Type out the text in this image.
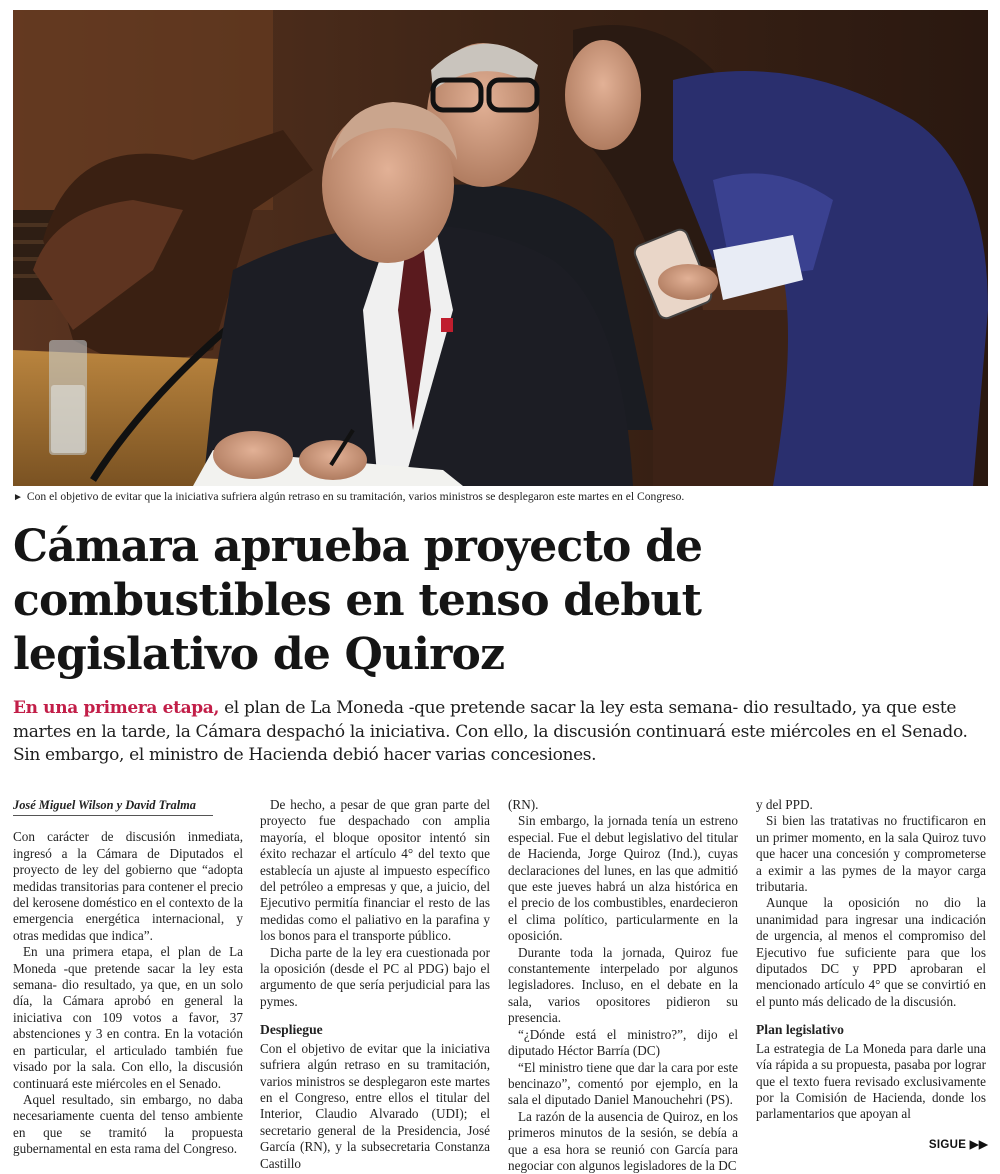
► Con el objetivo de evitar que la iniciativa sufriera algún retraso en su tramitación, varios ministros se desplegaron este martes en el Congreso.
Cámara aprueba proyecto de combustibles en tenso debut legislativo de Quiroz

En una primera etapa, el plan de La Moneda -que pretende sacar la ley esta semana- dio resultado, ya que este martes en la tarde, la Cámara despachó la iniciativa. Con ello, la discusión continuará este miércoles en el Senado. Sin embargo, el ministro de Hacienda debió hacer varias concesiones.

José Miguel Wilson y David Tralma

Con carácter de discusión inmediata, ingresó a la Cámara de Diputados el proyecto de ley del gobierno que “adopta medidas transitorias para contener el precio del kerosene doméstico en el contexto de la emergencia energética internacional, y otras medidas que indica”.

En una primera etapa, el plan de La Moneda -que pretende sacar la ley esta semana- dio resultado, ya que, en un solo día, la Cámara aprobó en general la iniciativa con 109 votos a favor, 37 abstenciones y 3 en contra. En la votación en particular, el articulado también fue visado por la sala. Con ello, la discusión continuará este miércoles en el Senado.

Aquel resultado, sin embargo, no daba necesariamente cuenta del tenso ambiente en que se tramitó la propuesta gubernamental en esta rama del Congreso.

De hecho, a pesar de que gran parte del proyecto fue despachado con amplia mayoría, el bloque opositor intentó sin éxito rechazar el artículo 4° del texto que establecía un ajuste al impuesto específico del petróleo a empresas y que, a juicio, del Ejecutivo permitía financiar el resto de las medidas como el paliativo en la parafina y los bonos para el transporte público.

Dicha parte de la ley era cuestionada por la oposición (desde el PC al PDG) bajo el argumento de que sería perjudicial para las pymes.

Despliegue

Con el objetivo de evitar que la iniciativa sufriera algún retraso en su tramitación, varios ministros se desplegaron este martes en el Congreso, entre ellos el titular del Interior, Claudio Alvarado (UDI); el secretario general de la Presidencia, José García (RN), y la subsecretaria Constanza Castillo

(RN).

Sin embargo, la jornada tenía un estreno especial. Fue el debut legislativo del titular de Hacienda, Jorge Quiroz (Ind.), cuyas declaraciones del lunes, en las que admitió que este jueves habrá un alza histórica en el precio de los combustibles, enardecieron el clima político, particularmente en la oposición.

Durante toda la jornada, Quiroz fue constantemente interpelado por algunos legisladores. Incluso, en el debate en la sala, varios opositores pidieron su presencia.

“¿Dónde está el ministro?”, dijo el diputado Héctor Barría (DC)

“El ministro tiene que dar la cara por este bencinazo”, comentó por ejemplo, en la sala el diputado Daniel Manouchehri (PS).

La razón de la ausencia de Quiroz, en los primeros minutos de la sesión, se debía a que a esa hora se reunió con García para negociar con algunos legisladores de la DC

y del PPD.

Si bien las tratativas no fructificaron en un primer momento, en la sala Quiroz tuvo que hacer una concesión y comprometerse a eximir a las pymes de la mayor carga tributaria.

Aunque la oposición no dio la unanimidad para ingresar una indicación de urgencia, al menos el compromiso del Ejecutivo fue suficiente para que los diputados DC y PPD aprobaran el mencionado artículo 4° que se convirtió en el punto más delicado de la discusión.

Plan legislativo

La estrategia de La Moneda para darle una vía rápida a su propuesta, pasaba por lograr que el texto fuera revisado exclusivamente por la Comisión de Hacienda, donde los parlamentarios que apoyan al

SIGUE ▶▶
